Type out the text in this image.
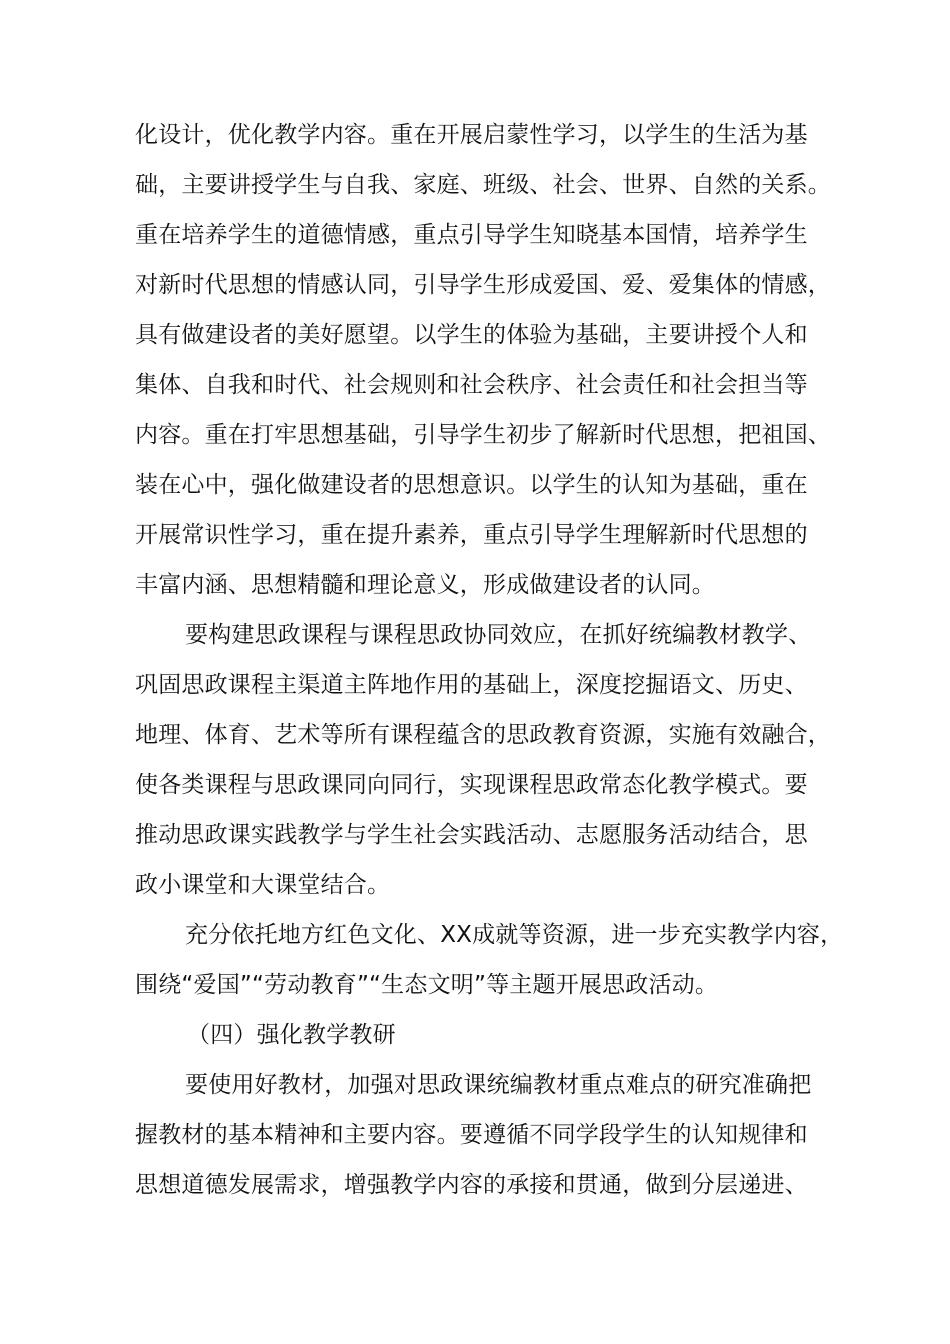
化设计，优化教学内容。重在开展启蒙性学习，以学生的生活为基
础，主要讲授学生与自我、家庭、班级、社会、世界、自然的关系。
重在培养学生的道德情感，重点引导学生知晓基本国情，培养学生
对新时代思想的情感认同，引导学生形成爱国、爱、爱集体的情感，
具有做建设者的美好愿望。以学生的体验为基础，主要讲授个人和
集体、自我和时代、社会规则和社会秩序、社会责任和社会担当等
内容。重在打牢思想基础，引导学生初步了解新时代思想，把祖国、
装在心中，强化做建设者的思想意识。以学生的认知为基础，重在
开展常识性学习，重在提升素养，重点引导学生理解新时代思想的
丰富内涵、思想精髓和理论意义，形成做建设者的认同。
要构建思政课程与课程思政协同效应，在抓好统编教材教学、
巩固思政课程主渠道主阵地作用的基础上，深度挖掘语文、历史、
地理、体育、艺术等所有课程蕴含的思政教育资源，实施有效融合，
使各类课程与思政课同向同行，实现课程思政常态化教学模式。要
推动思政课实践教学与学生社会实践活动、志愿服务活动结合，思
政小课堂和大课堂结合。
充分依托地方红色文化、XX成就等资源，进一步充实教学内容，
围绕“爱国”“劳动教育”“生态文明”等主题开展思政活动。
（四）强化教学教研
要使用好教材，加强对思政课统编教材重点难点的研究准确把
握教材的基本精神和主要内容。要遵循不同学段学生的认知规律和
思想道德发展需求，增强教学内容的承接和贯通，做到分层递进、
